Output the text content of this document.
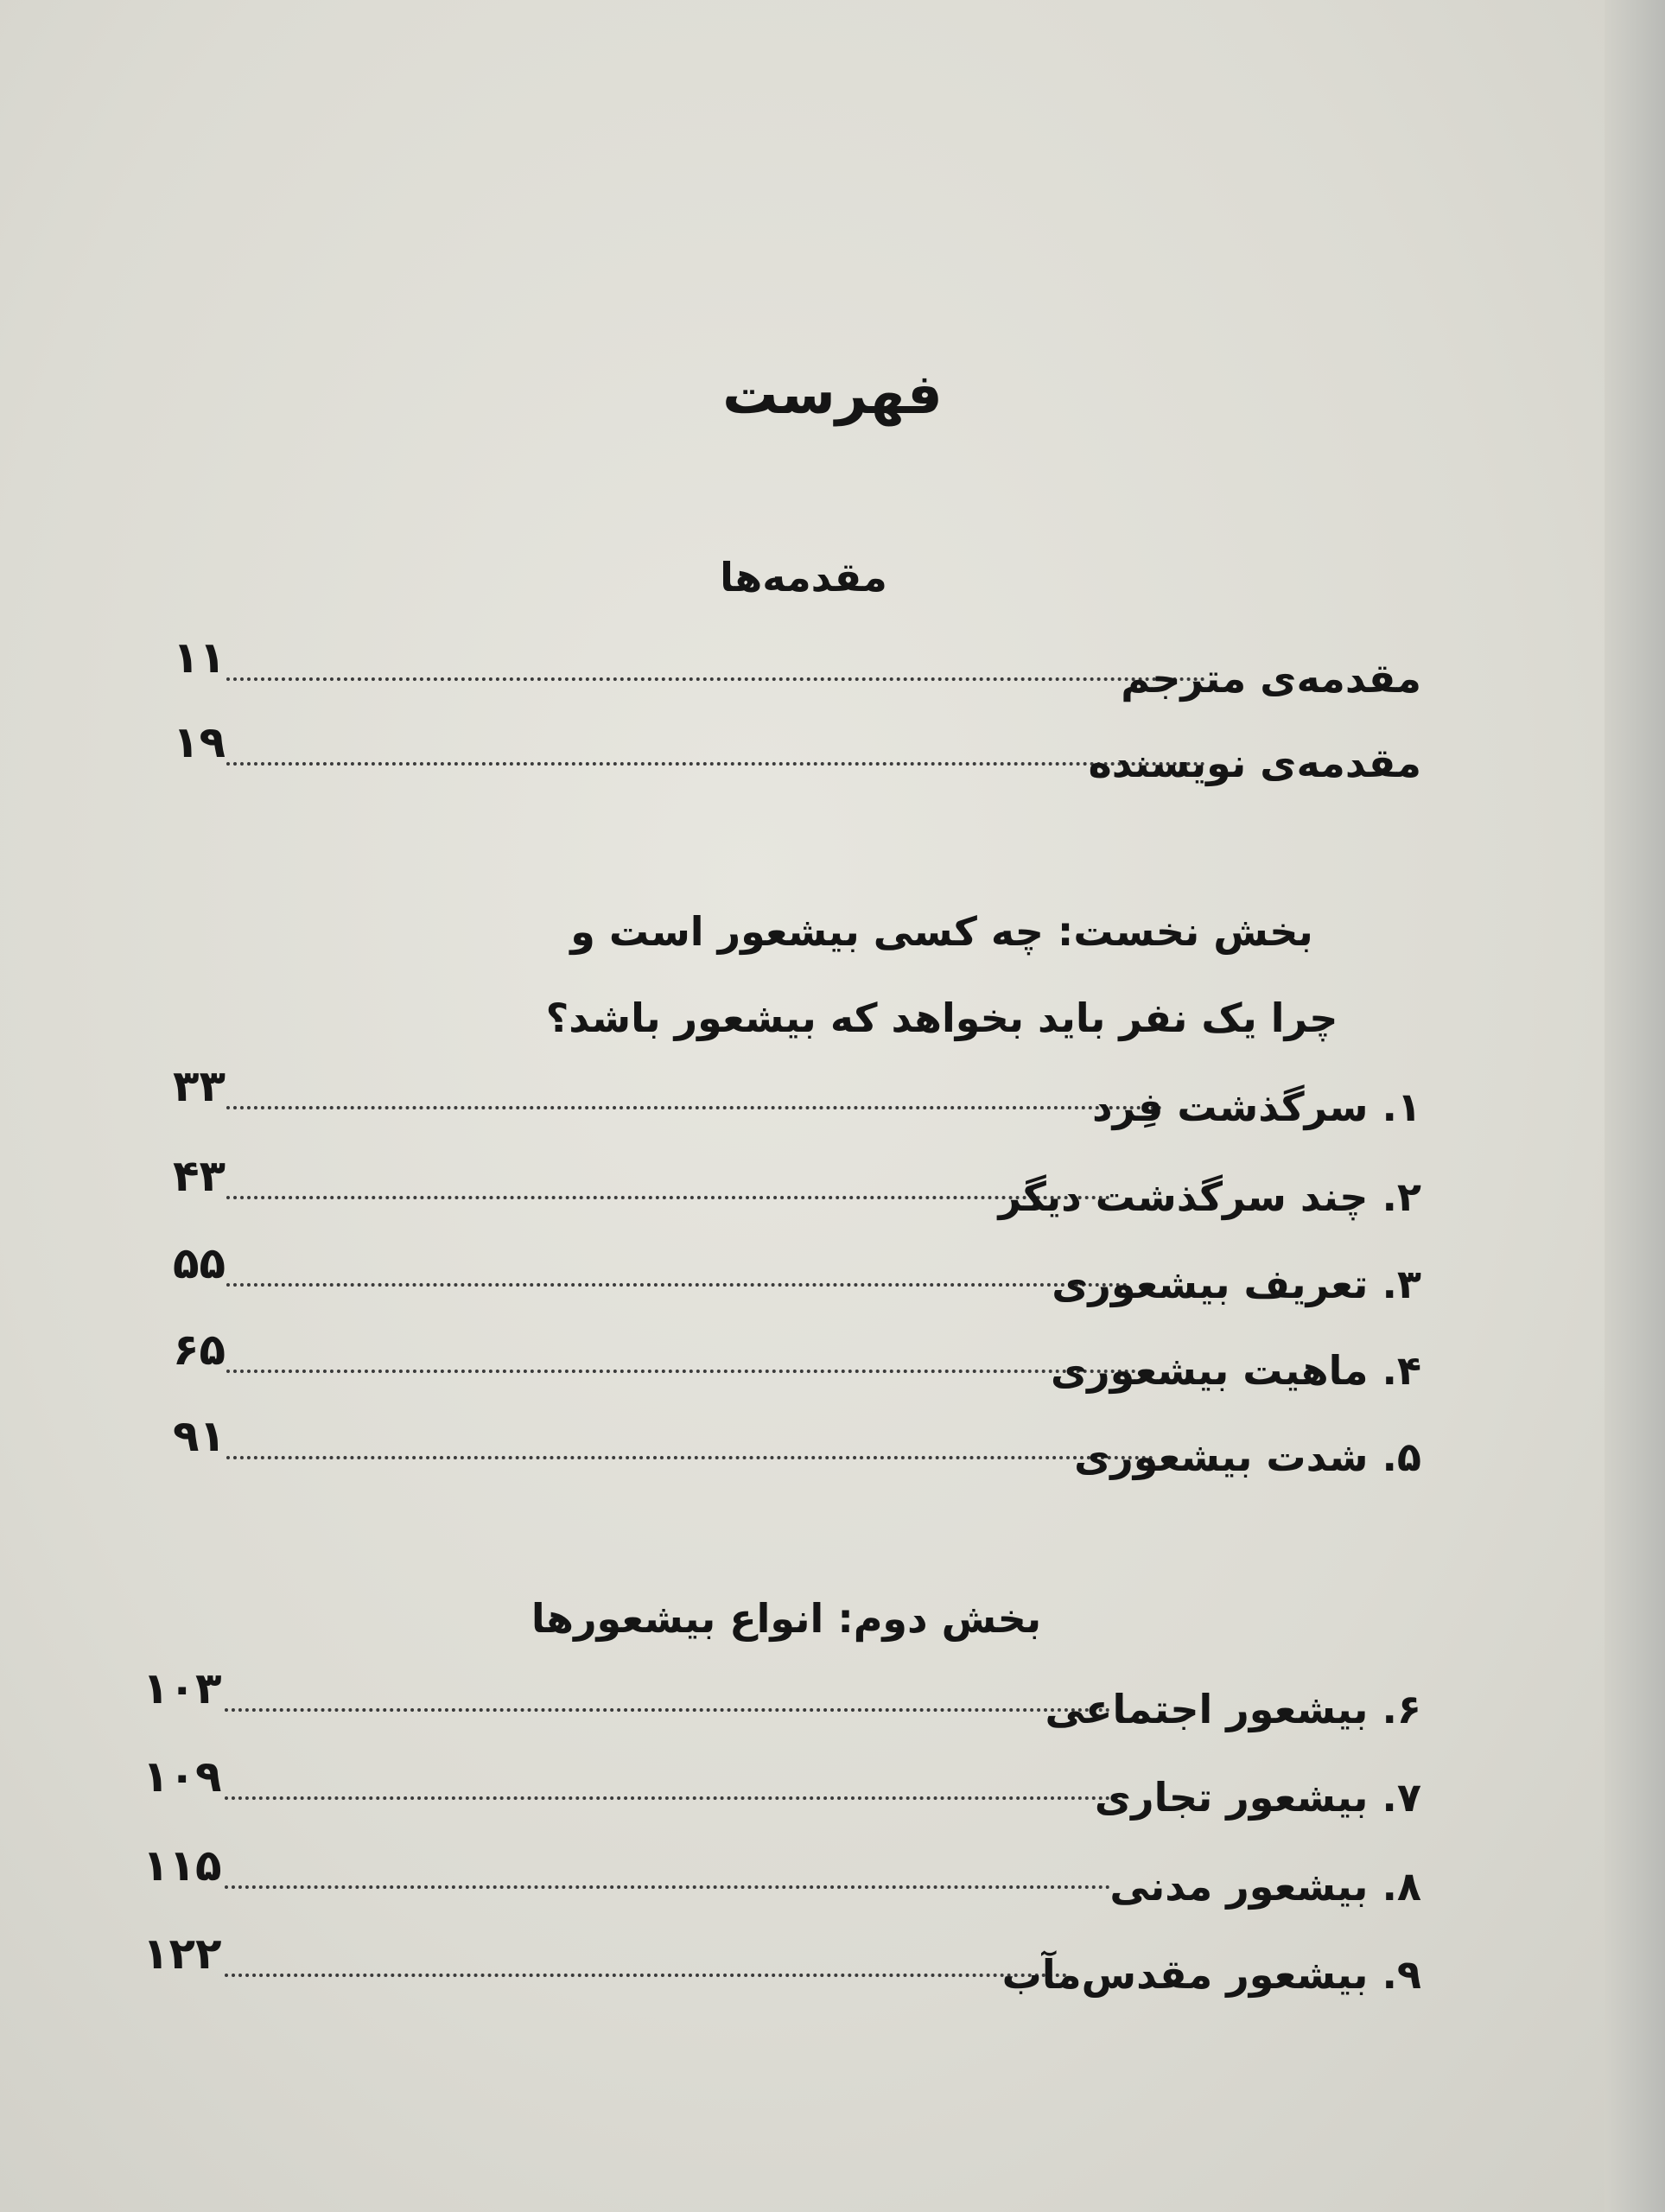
فهرست
مقدمه‌ها
۱۱	مقدمه‌ی مترجم
۱۹	مقدمه‌ی نویسنده
بخش نخست: چه کسی بیشعور است و
چرا یک نفر باید بخواهد که بیشعور باشد؟
۳۳	۱. سرگذشت فِرد
۴۳	۲. چند سرگذشت دیگر
۵۵	۳. تعریف بیشعوری
۶۵	۴. ماهیت بیشعوری
۹۱	۵. شدت بیشعوری
بخش دوم: انواع بیشعورها
۱۰۳	۶. بیشعور اجتماعی
۱۰۹	۷. بیشعور تجاری
۱۱۵	۸. بیشعور مدنی
۱۲۲	۹. بیشعور مقدس‌مآب
